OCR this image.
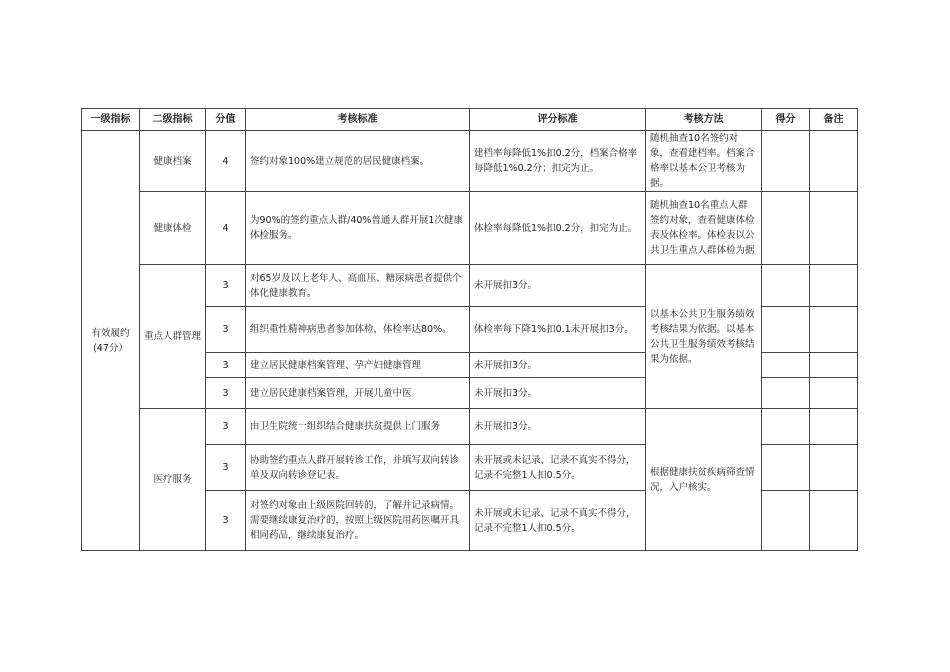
一级指标	二级指标	分值	考核标准	评分标准	考核方法	得分	备注
有效履约(47分）	健康档案	4	签约对象100%建立规范的居民健康档案。	建档率每降低1%扣0.2分，档案合格率每降低1%0.2分；扣完为止。	随机抽查10名签约对象，查看建档率。档案合格率以基本公卫考核为据。		
	健康体检	4	为90%的签约重点人群/40%普通人群开展1次健康体检服务。	体检率每降低1%扣0.2分，扣完为止。	随机抽查10名重点人群签约对象，查看健康体检表及体检率。体检表以公共卫生重点人群体检为据		
	重点人群管理	3	对65岁及以上老年人、高血压、糖尿病患者提供个体化健康教育。	未开展扣3分。	以基本公共卫生服务绩效考核结果为依据。以基本公共卫生服务绩效考核结果为依据。		
		3	组织重性精神病患者参加体检，体检率达80%。	体检率每下降1%扣0.1未开展扣3分。			
		3	建立居民健康档案管理、孕产妇健康管理	未开展扣3分。			
		3	建立居民建康档案管理，开展儿童中医	未开展扣3分。			
	医疗服务	3	由卫生院统一组织结合健康扶贫提供上门服务	未开展扣3分。	根据健康扶贫疾病筛查情况，入户核实。		
		3	协助签约重点人群开展转诊工作，并填写双向转诊单及双向转诊登记表。	未开展或未记录、记录不真实不得分，记录不完整1人扣0.5分。			
		3	对签约对象由上级医院回转的，了解并记录病情。需要继续康复治疗的，按照上级医院用药医嘱开具相同药品，继续康复治疗。	未开展或未记录、记录不真实不得分，记录不完整1人扣0.5分。			
